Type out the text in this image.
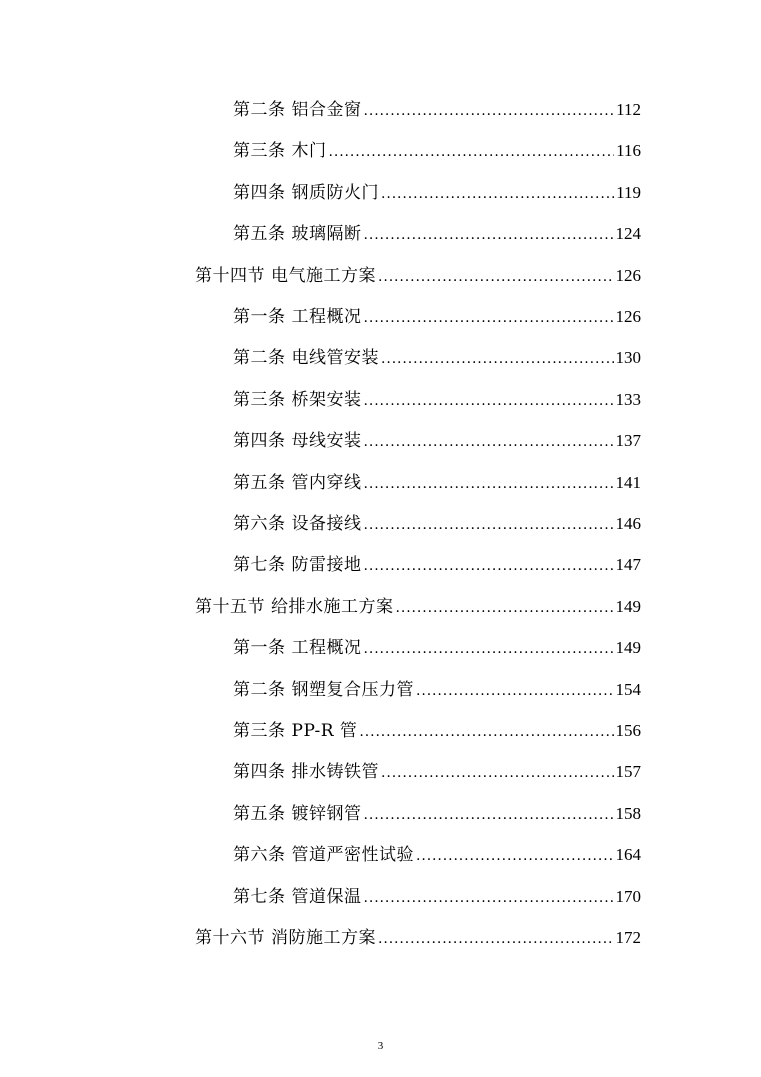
第二条 铝合金窗 .....	112
第三条 木门 .....	116
第四条 钢质防火门 .....	119
第五条 玻璃隔断 .....	124
第十四节 电气施工方案 .....	126
第一条 工程概况 .....	126
第二条 电线管安装 .....	130
第三条 桥架安装 .....	133
第四条 母线安装 .....	137
第五条 管内穿线 .....	141
第六条 设备接线 .....	146
第七条 防雷接地 .....	147
第十五节 给排水施工方案 .....	149
第一条 工程概况 .....	149
第二条 钢塑复合压力管 .....	154
第三条 PP-R 管 .....	156
第四条 排水铸铁管 .....	157
第五条 镀锌钢管 .....	158
第六条 管道严密性试验 .....	164
第七条 管道保温 .....	170
第十六节 消防施工方案 .....	172
3
